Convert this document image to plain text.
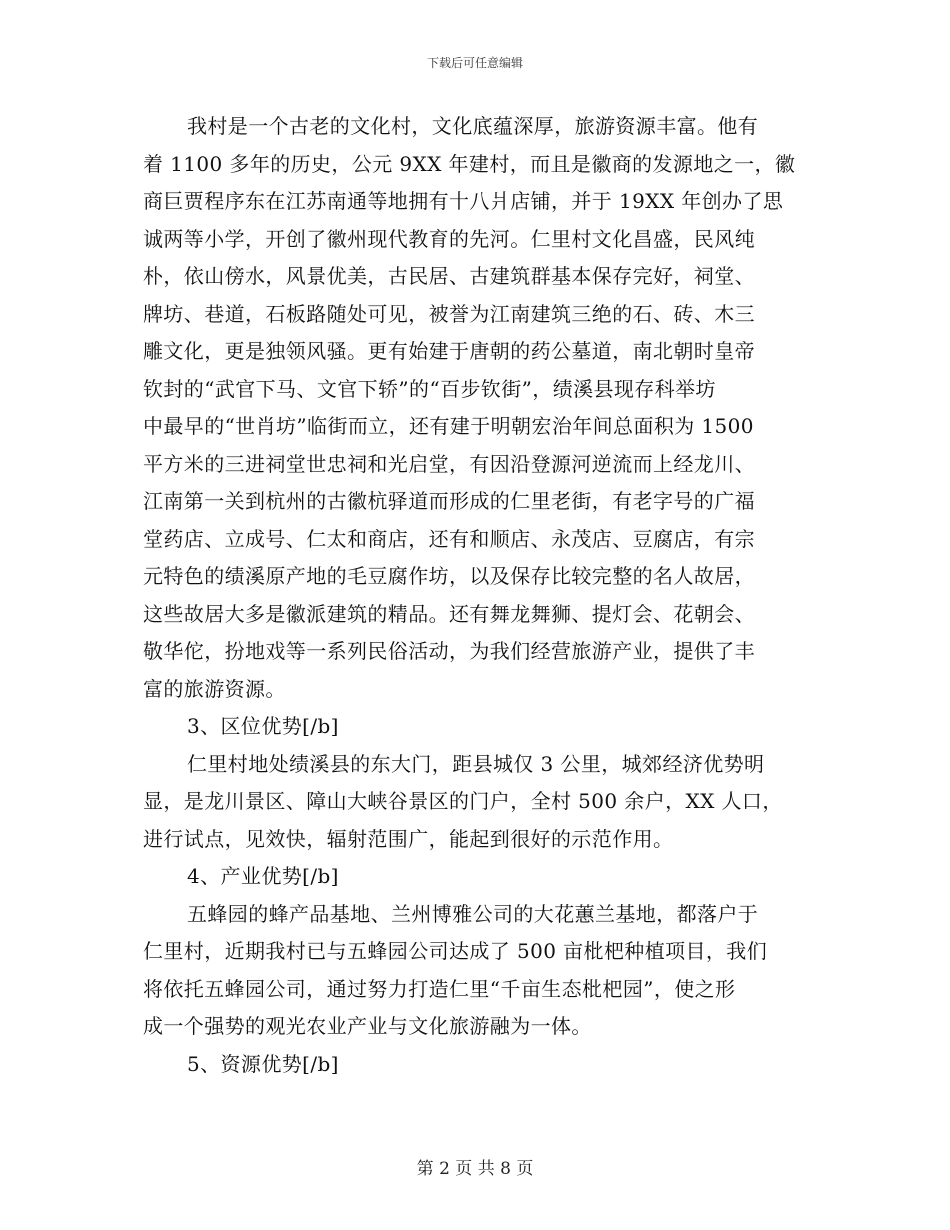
下载后可任意编辑
我村是一个古老的文化村，文化底蕴深厚，旅游资源丰富。他有
着 1100 多年的历史，公元 9XX 年建村，而且是徽商的发源地之一，徽
商巨贾程序东在江苏南通等地拥有十八爿店铺，并于 19XX 年创办了思
诚两等小学，开创了徽州现代教育的先河。仁里村文化昌盛，民风纯
朴，依山傍水，风景优美，古民居、古建筑群基本保存完好，祠堂、
牌坊、巷道，石板路随处可见，被誉为江南建筑三绝的石、砖、木三
雕文化，更是独领风骚。更有始建于唐朝的药公墓道，南北朝时皇帝
钦封的“武官下马、文官下轿”的“百步钦街”，绩溪县现存科举坊
中最早的“世肖坊”临街而立，还有建于明朝宏治年间总面积为 1500
平方米的三进祠堂世忠祠和光启堂，有因沿登源河逆流而上经龙川、
江南第一关到杭州的古徽杭驿道而形成的仁里老街，有老字号的广福
堂药店、立成号、仁太和商店，还有和顺店、永茂店、豆腐店，有宗
元特色的绩溪原产地的毛豆腐作坊，以及保存比较完整的名人故居，
这些故居大多是徽派建筑的精品。还有舞龙舞狮、提灯会、花朝会、
敬华佗，扮地戏等一系列民俗活动，为我们经营旅游产业，提供了丰
富的旅游资源。
3、区位优势[/b]
仁里村地处绩溪县的东大门，距县城仅 3 公里，城郊经济优势明
显，是龙川景区、障山大峡谷景区的门户，全村 500 余户，XX 人口，
进行试点，见效快，辐射范围广，能起到很好的示范作用。
4、产业优势[/b]
五蜂园的蜂产品基地、兰州博雅公司的大花蕙兰基地，都落户于
仁里村，近期我村已与五蜂园公司达成了 500 亩枇杷种植项目，我们
将依托五蜂园公司，通过努力打造仁里“千亩生态枇杷园”，使之形
成一个强势的观光农业产业与文化旅游融为一体。
5、资源优势[/b]
第 2 页 共 8 页
